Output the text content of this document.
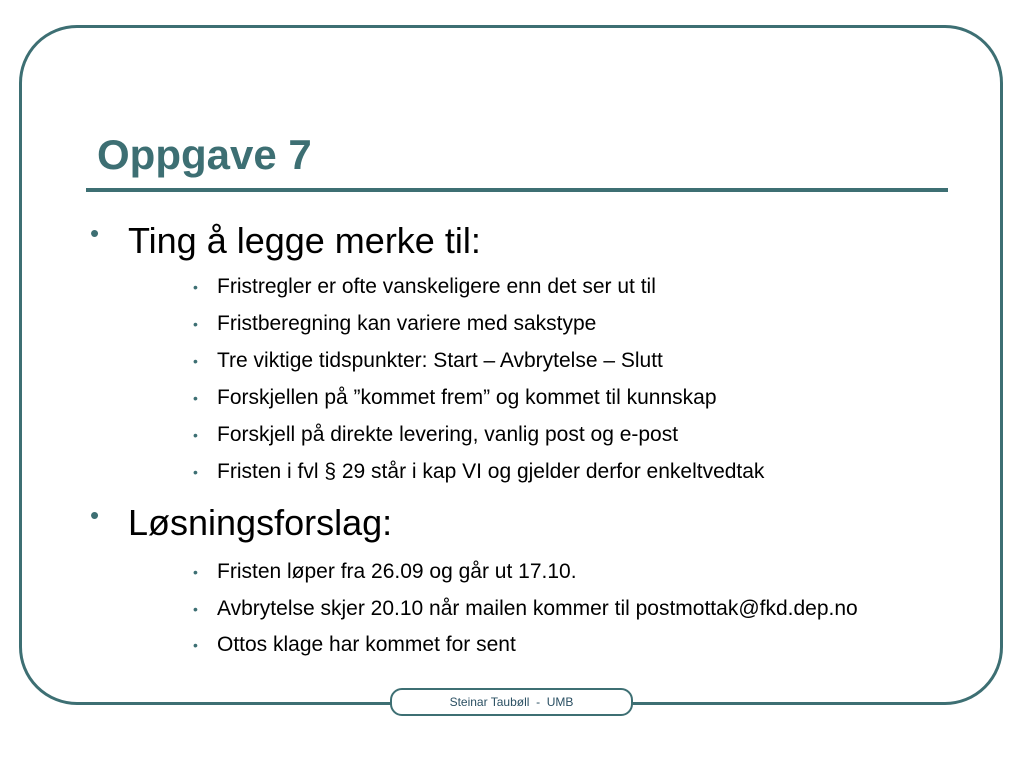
Oppgave 7
• Ting å legge merke til:
• Fristregler er ofte vanskeligere enn det ser ut til
• Fristberegning kan variere med sakstype
• Tre viktige tidspunkter: Start – Avbrytelse – Slutt
• Forskjellen på ”kommet frem” og kommet til kunnskap
• Forskjell på direkte levering, vanlig post og e-post
• Fristen i fvl § 29 står i kap VI og gjelder derfor enkeltvedtak
• Løsningsforslag:
• Fristen løper fra 26.09 og går ut 17.10.
• Avbrytelse skjer 20.10 når mailen kommer til postmottak@fkd.dep.no
• Ottos klage har kommet for sent
Steinar Taubøll  -  UMB
